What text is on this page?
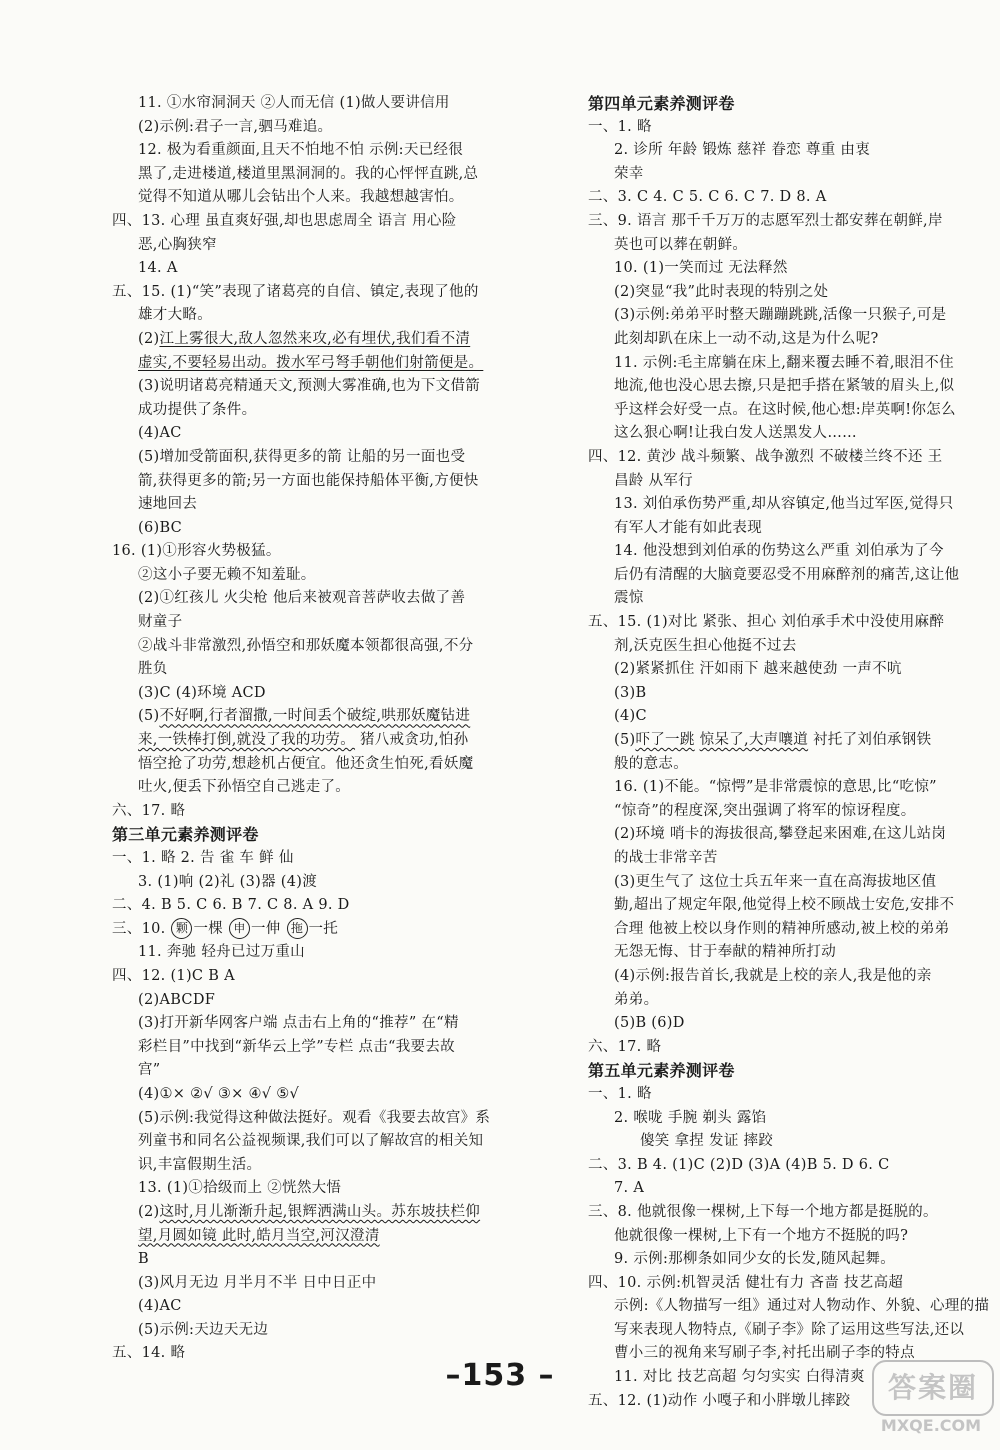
11. ①水帘洞洞天 ②人而无信 (1)做人要讲信用
(2)示例:君子一言,驷马难追。
12. 极为看重颜面,且天不怕地不怕 示例:天已经很
黑了,走进楼道,楼道里黑洞洞的。我的心怦怦直跳,总
觉得不知道从哪儿会钻出个人来。我越想越害怕。
四、13. 心理 虽直爽好强,却也思虑周全 语言 用心险
恶,心胸狭窄
14. A
五、15. (1)“笑”表现了诸葛亮的自信、镇定,表现了他的
雄才大略。
(2)江上雾很大,敌人忽然来攻,必有埋伏,我们看不清
虚实,不要轻易出动。拨水军弓弩手朝他们射箭便是。
(3)说明诸葛亮精通天文,预测大雾准确,也为下文借箭
成功提供了条件。
(4)AC
(5)增加受箭面积,获得更多的箭 让船的另一面也受
箭,获得更多的箭;另一方面也能保持船体平衡,方便快
速地回去
(6)BC
16. (1)①形容火势极猛。
②这小子要无赖不知羞耻。
(2)①红孩儿 火尖枪 他后来被观音菩萨收去做了善
财童子
②战斗非常激烈,孙悟空和那妖魔本领都很高强,不分
胜负
(3)C (4)环境 ACD
(5)不好啊,行者溜撒,一时间丢个破绽,哄那妖魔钻进
来,一铁棒打倒,就没了我的功劳。 猪八戒贪功,怕孙
悟空抢了功劳,想趁机占便宜。他还贪生怕死,看妖魔
吐火,便丢下孙悟空自己逃走了。
六、17. 略
第三单元素养测评卷
一、1. 略 2. 告 雀 车 鲜 仙
3. (1)响 (2)礼 (3)器 (4)渡
二、4. B 5. C 6. B 7. C 8. A 9. D
三、10. 颗 一棵 申 一伸 拖 一托
11. 奔驰 轻舟已过万重山
四、12. (1)C B A
(2)ABCDF
(3)打开新华网客户端 点击右上角的“推荐” 在“精
彩栏目”中找到“新华云上学”专栏 点击“我要去故
宫”
(4)①× ②√ ③× ④√ ⑤√
(5)示例:我觉得这种做法挺好。观看《我要去故宫》系
列童书和同名公益视频课,我们可以了解故宫的相关知
识,丰富假期生活。
13. (1)①拾级而上 ②恍然大悟
(2)这时,月儿渐渐升起,银辉洒满山头。苏东坡扶栏仰
望,月圆如镜 此时,皓月当空,河汉澄清
B
(3)风月无边 月半月不半 日中日正中
(4)AC
(5)示例:天边天无边
五、14. 略
第四单元素养测评卷
一、1. 略
2. 诊所 年龄 锻炼 慈祥 眷恋 尊重 由衷
荣幸
二、3. C 4. C 5. C 6. C 7. D 8. A
三、9. 语言 那千千万万的志愿军烈士都安葬在朝鲜,岸
英也可以葬在朝鲜。
10. (1)一笑而过 无法释然
(2)突显“我”此时表现的特别之处
(3)示例:弟弟平时整天蹦蹦跳跳,活像一只猴子,可是
此刻却趴在床上一动不动,这是为什么呢?
11. 示例:毛主席躺在床上,翻来覆去睡不着,眼泪不住
地流,他也没心思去擦,只是把手搭在紧皱的眉头上,似
乎这样会好受一点。在这时候,他心想:岸英啊!你怎么
这么狠心啊!让我白发人送黑发人……
四、12. 黄沙 战斗频繁、战争激烈 不破楼兰终不还 王
昌龄 从军行
13. 刘伯承伤势严重,却从容镇定,他当过军医,觉得只
有军人才能有如此表现
14. 他没想到刘伯承的伤势这么严重 刘伯承为了今
后仍有清醒的大脑竟要忍受不用麻醉剂的痛苦,这让他
震惊
五、15. (1)对比 紧张、担心 刘伯承手术中没使用麻醉
剂,沃克医生担心他挺不过去
(2)紧紧抓住 汗如雨下 越来越使劲 一声不吭
(3)B
(4)C
(5)吓了一跳 惊呆了,大声嚷道 衬托了刘伯承钢铁
般的意志。
16. (1)不能。“惊愕”是非常震惊的意思,比“吃惊”
“惊奇”的程度深,突出强调了将军的惊讶程度。
(2)环境 哨卡的海拔很高,攀登起来困难,在这儿站岗
的战士非常辛苦
(3)更生气了 这位士兵五年来一直在高海拔地区值
勤,超出了规定年限,他觉得上校不顾战士安危,安排不
合理 他被上校以身作则的精神所感动,被上校的弟弟
无怨无悔、甘于奉献的精神所打动
(4)示例:报告首长,我就是上校的亲人,我是他的亲
弟弟。
(5)B (6)D
六、17. 略
第五单元素养测评卷
一、1. 略
2. 喉咙 手腕 剃头 露馅
傻笑 拿捏 发证 摔跤
二、3. B 4. (1)C (2)D (3)A (4)B 5. D 6. C
7. A
三、8. 他就很像一棵树,上下每一个地方都是挺脱的。
他就很像一棵树,上下有一个地方不挺脱的吗?
9. 示例:那柳条如同少女的长发,随风起舞。
四、10. 示例:机智灵活 健壮有力 吝啬 技艺高超
示例:《人物描写一组》通过对人物动作、外貌、心理的描
写来表现人物特点,《刷子李》除了运用这些写法,还以
曹小三的视角来写刷子李,衬托出刷子李的特点
11. 对比 技艺高超 匀匀实实 白得清爽
五、12. (1)动作 小嘎子和小胖墩儿摔跤
–153 –	答案圈
MXQE.COM
